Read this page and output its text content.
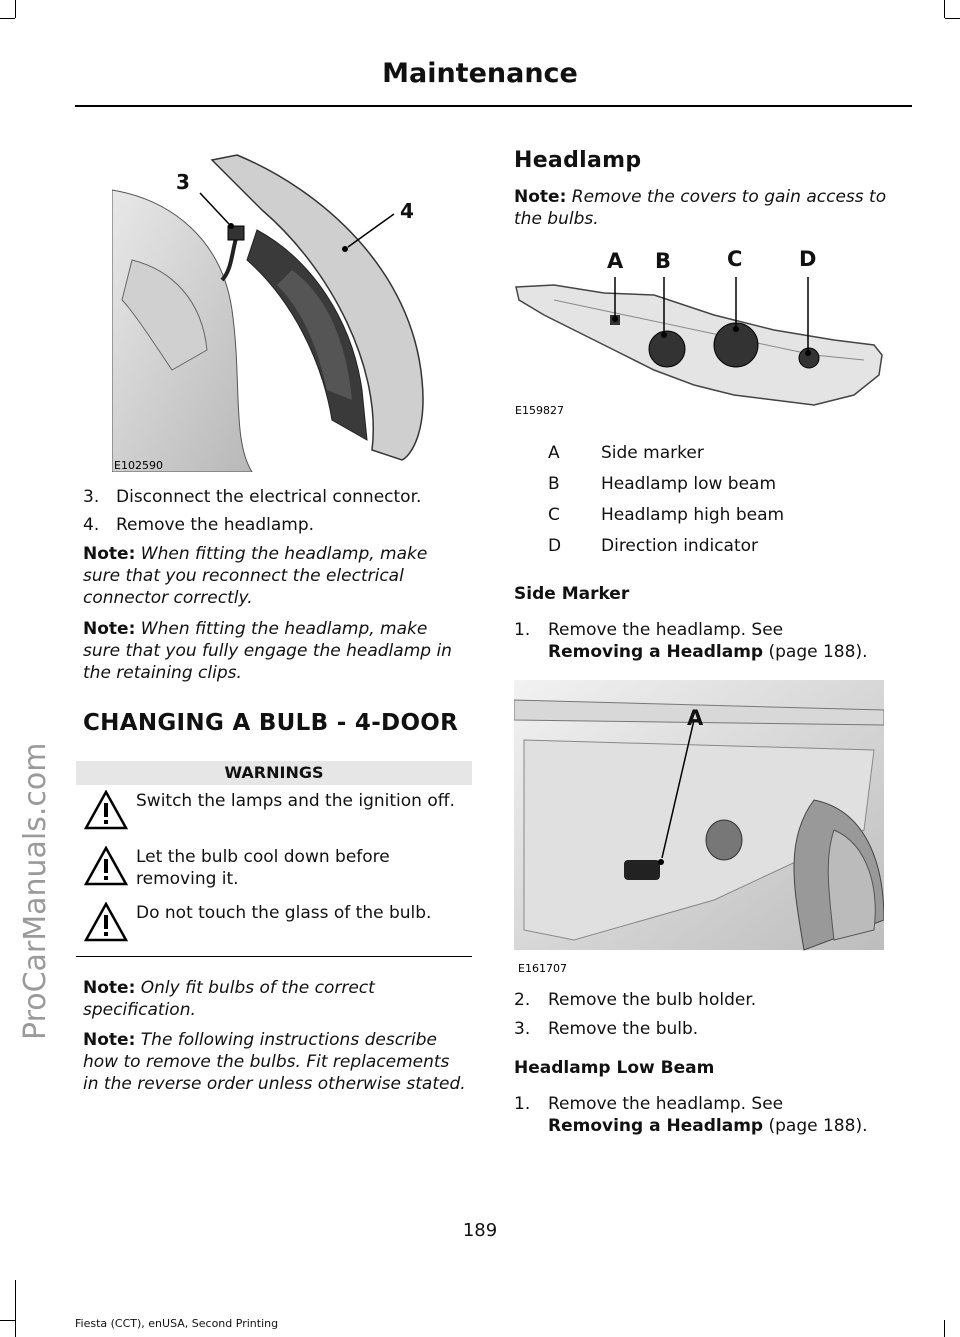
Maintenance
ProCarManuals.com
3
4
E102590
3. Disconnect the electrical connector.
4. Remove the headlamp.
Note: When fitting the headlamp, make
sure that you reconnect the electrical
connector correctly.
Note: When fitting the headlamp, make
sure that you fully engage the headlamp in
the retaining clips.
CHANGING A BULB - 4-DOOR
WARNINGS
Switch the lamps and the ignition off.
Let the bulb cool down before
removing it.
Do not touch the glass of the bulb.
Note: Only fit bulbs of the correct
specification.
Note: The following instructions describe
how to remove the bulbs. Fit replacements
in the reverse order unless otherwise stated.
Headlamp
Note: Remove the covers to gain access to
the bulbs.
A B	C	D
E159827
A Side marker
B Headlamp low beam
C Headlamp high beam
D Direction indicator
Side Marker
1. Remove the headlamp. See
Removing a Headlamp (page 188).
A
E161707
2. Remove the bulb holder.
3. Remove the bulb.
Headlamp Low Beam
1. Remove the headlamp. See
Removing a Headlamp (page 188).
189
Fiesta (CCT), enUSA, Second Printing
